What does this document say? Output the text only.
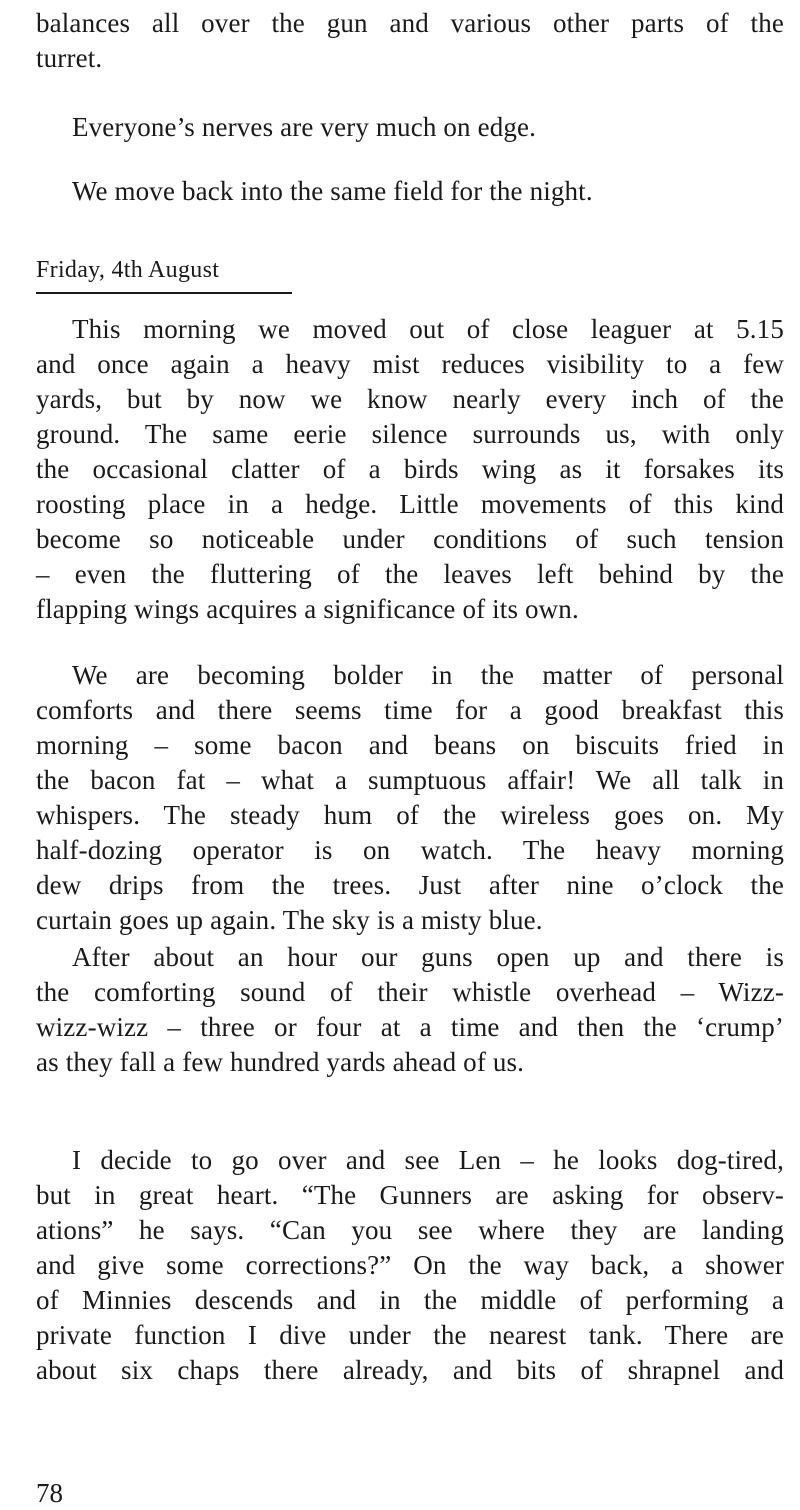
balances all over the gun and various other parts of the
turret.
Everyone’s nerves are very much on edge.
We move back into the same field for the night.
Friday, 4th August
This morning we moved out of close leaguer at 5.15
and once again a heavy mist reduces visibility to a few
yards, but by now we know nearly every inch of the
ground. The same eerie silence surrounds us, with only
the occasional clatter of a birds wing as it forsakes its
roosting place in a hedge. Little movements of this kind
become so noticeable under conditions of such tension
– even the fluttering of the leaves left behind by the
flapping wings acquires a significance of its own.
We are becoming bolder in the matter of personal
comforts and there seems time for a good breakfast this
morning – some bacon and beans on biscuits fried in
the bacon fat – what a sumptuous affair! We all talk in
whispers. The steady hum of the wireless goes on. My
half-dozing operator is on watch. The heavy morning
dew drips from the trees. Just after nine o’clock the
curtain goes up again. The sky is a misty blue.
After about an hour our guns open up and there is
the comforting sound of their whistle overhead – Wizz-
wizz-wizz – three or four at a time and then the ‘crump’
as they fall a few hundred yards ahead of us.
I decide to go over and see Len – he looks dog-tired,
but in great heart. “The Gunners are asking for observ-
ations” he says. “Can you see where they are landing
and give some corrections?” On the way back, a shower
of Minnies descends and in the middle of performing a
private function I dive under the nearest tank. There are
about six chaps there already, and bits of shrapnel and
78
